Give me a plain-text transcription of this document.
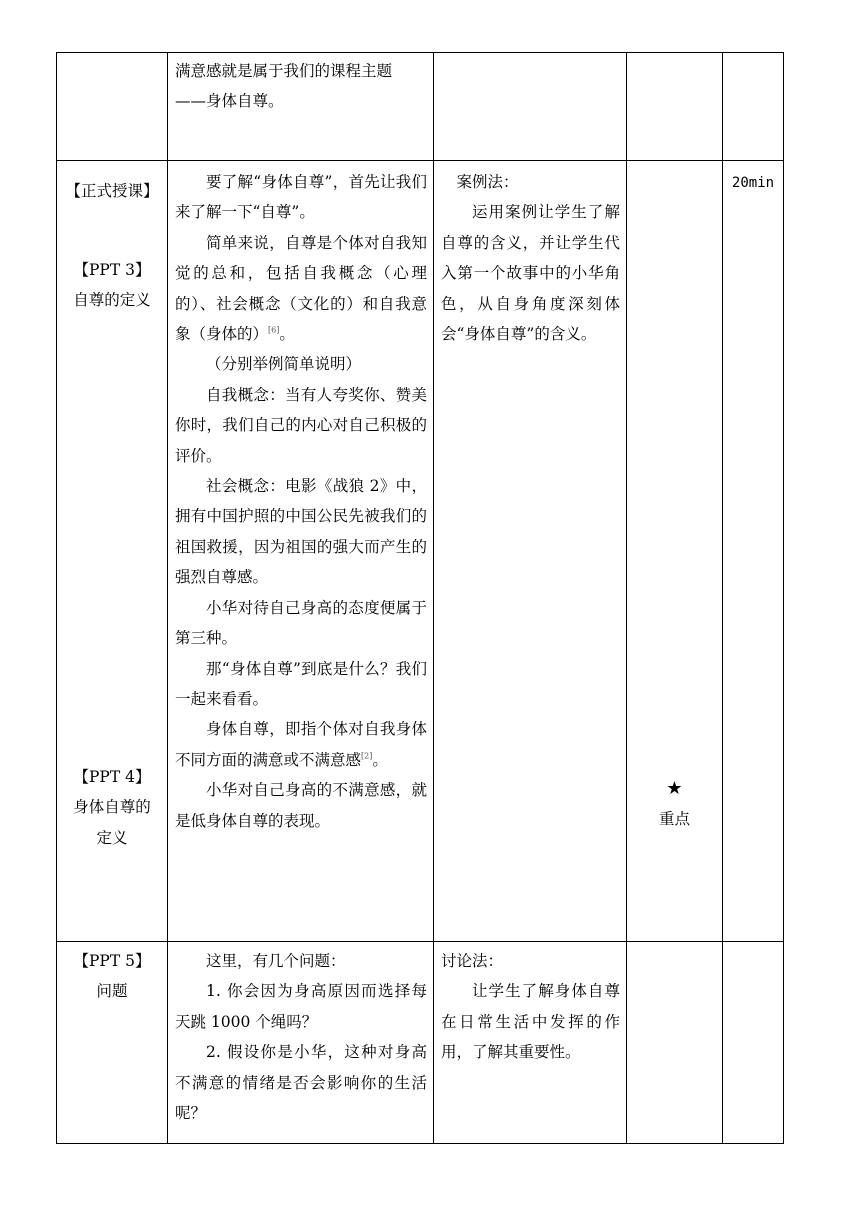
满意感就是属于我们的课程主题

——身体自尊。

【正式授课】

【PPT 3】

自尊的定义

【PPT 4】

身体自尊的定义

要了解“身体自尊”，首先让我们来了解一下“自尊”。

简单来说，自尊是个体对自我知觉的总和，包括自我概念（心理的）、社会概念（文化的）和自我意象（身体的）[6]。

（分别举例简单说明）

自我概念：当有人夸奖你、赞美你时，我们自己的内心对自己积极的评价。

社会概念：电影《战狼 2》中，拥有中国护照的中国公民先被我们的祖国救援，因为祖国的强大而产生的强烈自尊感。

小华对待自己身高的态度便属于第三种。

那“身体自尊”到底是什么？我们一起来看看。

身体自尊，即指个体对自我身体不同方面的满意或不满意感[2]。

小华对自己身高的不满意感，就是低身体自尊的表现。

案例法：

运用案例让学生了解自尊的含义，并让学生代入第一个故事中的小华角色，从自身角度深刻体会“身体自尊”的含义。

★

重点

20min

【PPT 5】

问题

这里，有几个问题：

1. 你会因为身高原因而选择每天跳 1000 个绳吗？

2. 假设你是小华，这种对身高不满意的情绪是否会影响你的生活呢？

讨论法：

让学生了解身体自尊在日常生活中发挥的作用，了解其重要性。
